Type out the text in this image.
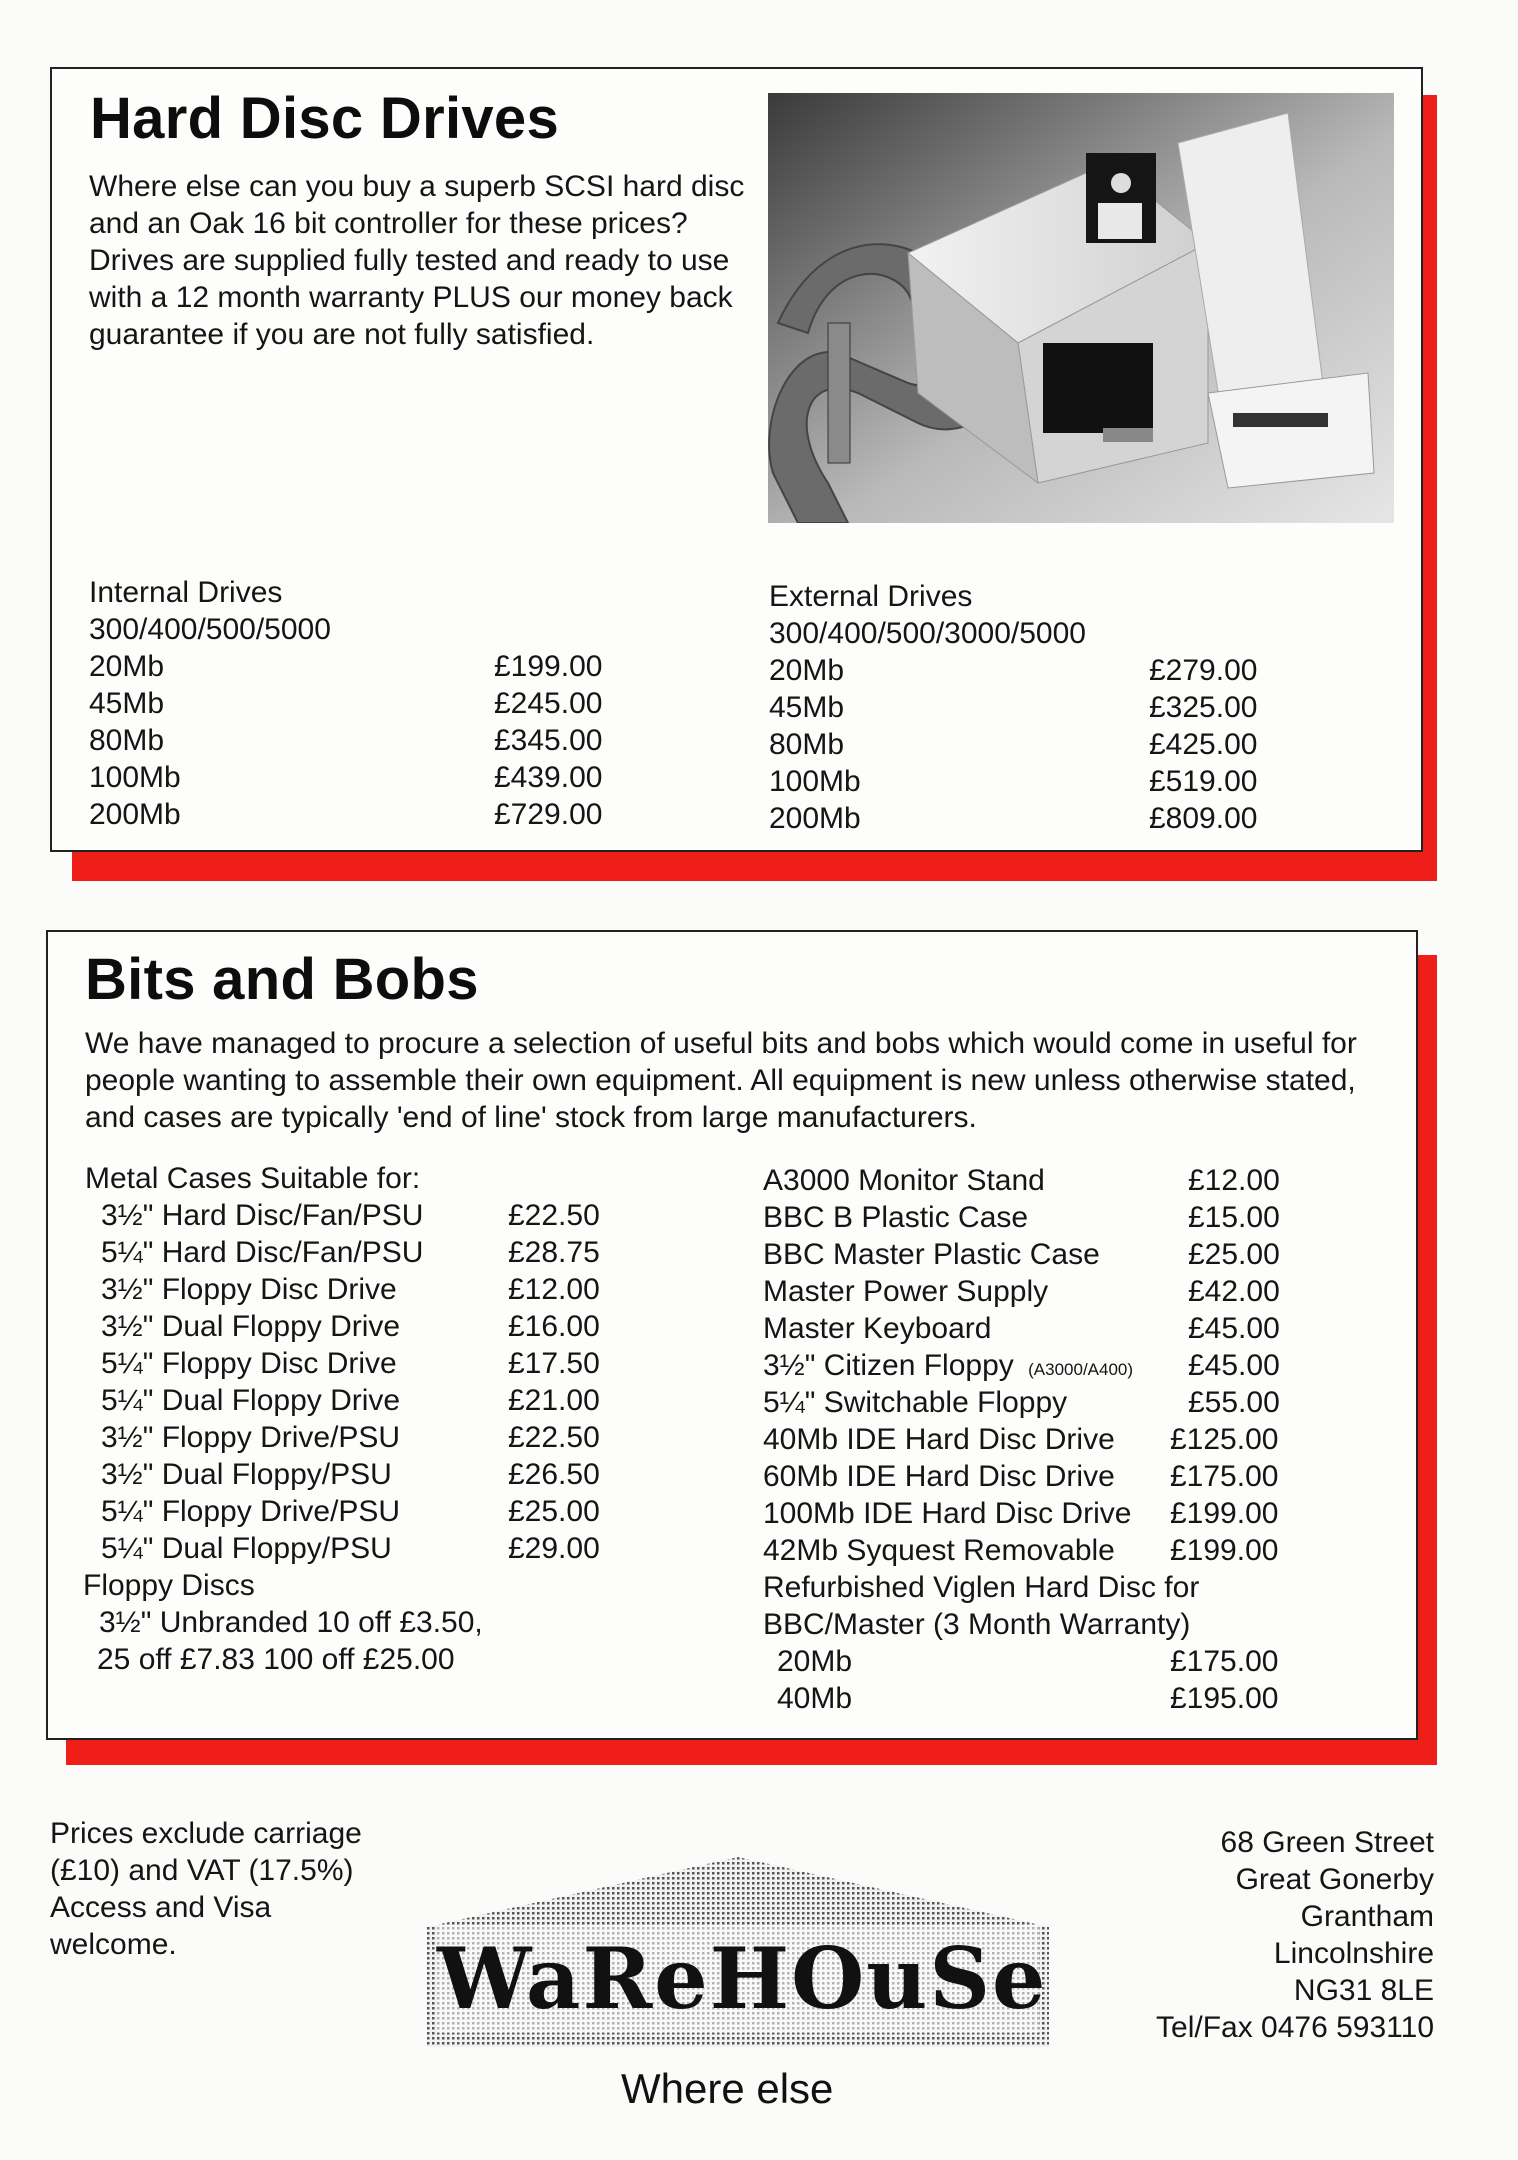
Hard Disc Drives

Where else can you buy a superb SCSI hard disc and an Oak 16 bit controller for these prices? Drives are supplied fully tested and ready to use with a 12 month warranty PLUS our money back guarantee if you are not fully satisfied.

Internal Drives
300/400/500/5000
20Mb	£199.00
45Mb	£245.00
80Mb	£345.00
100Mb	£439.00
200Mb	£729.00
External Drives
300/400/500/3000/5000
20Mb	£279.00
45Mb	£325.00
80Mb	£425.00
100Mb	£519.00
200Mb	£809.00
Bits and Bobs

We have managed to procure a selection of useful bits and bobs which would come in useful for people wanting to assemble their own equipment. All equipment is new unless otherwise stated, and cases are typically 'end of line' stock from large manufacturers.

Metal Cases Suitable for:
3½" Hard Disc/Fan/PSU	£22.50
5¼" Hard Disc/Fan/PSU	£28.75
3½" Floppy Disc Drive	£12.00
3½" Dual Floppy Drive	£16.00
5¼" Floppy Disc Drive	£17.50
5¼" Dual Floppy Drive	£21.00
3½" Floppy Drive/PSU	£22.50
3½" Dual Floppy/PSU	£26.50
5¼" Floppy Drive/PSU	£25.00
5¼" Dual Floppy/PSU	£29.00
Floppy Discs
3½" Unbranded 10 off £3.50,
25 off £7.83 100 off £25.00
A3000 Monitor Stand	£12.00
BBC B Plastic Case	£15.00
BBC Master Plastic Case	£25.00
Master Power Supply	£42.00
Master Keyboard	£45.00
3½" Citizen Floppy (A3000/A400) £45.00
5¼" Switchable Floppy	£55.00
40Mb IDE Hard Disc Drive £125.00
60Mb IDE Hard Disc Drive £175.00
100Mb IDE Hard Disc Drive £199.00
42Mb Syquest Removable £199.00
Refurbished Viglen Hard Disc for
BBC/Master (3 Month Warranty)
20Mb	£175.00
40Mb	£195.00
Prices exclude carriage
(£10) and VAT (17.5%)
Access and Visa
welcome.	WaReHOuSe
Where else
68 Green Street
Great Gonerby
Grantham
Lincolnshire
NG31 8LE
Tel/Fax 0476 593110
